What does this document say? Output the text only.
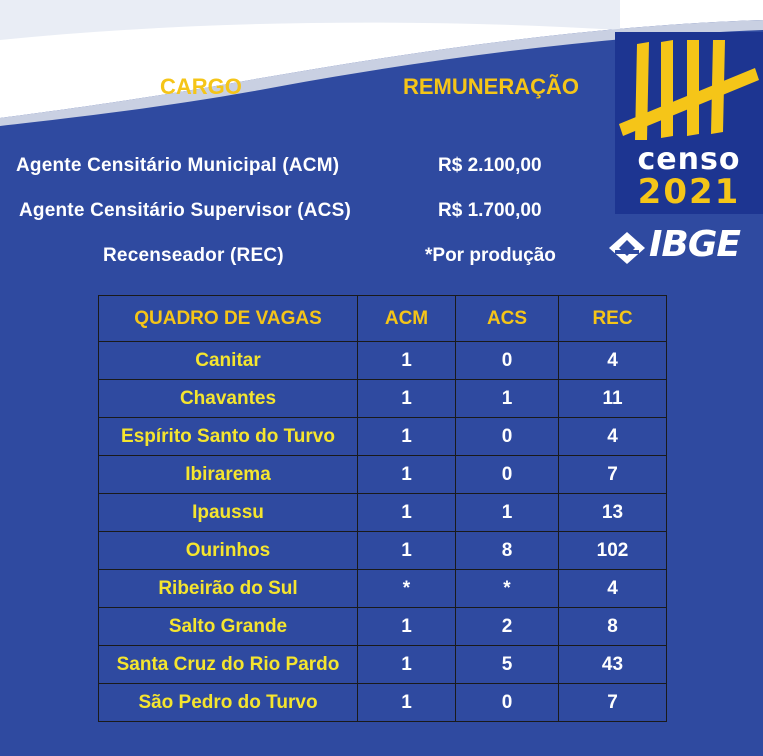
CARGO	REMUNERAÇÃO
Agente Censitário Municipal (ACM)	R$ 2.100,00
Agente Censitário Supervisor (ACS)	R$ 1.700,00
Recenseador (REC)	*Por produção
censo
2021
IBGE
QUADRO DE VAGAS	ACM	ACS	REC
Canitar	1	0	4
Chavantes	1	1	11
Espírito Santo do Turvo	1	0	4
Ibirarema	1	0	7
Ipaussu	1	1	13
Ourinhos	1	8	102
Ribeirão do Sul	*	*	4
Salto Grande	1	2	8
Santa Cruz do Rio Pardo	1	5	43
São Pedro do Turvo	1	0	7
